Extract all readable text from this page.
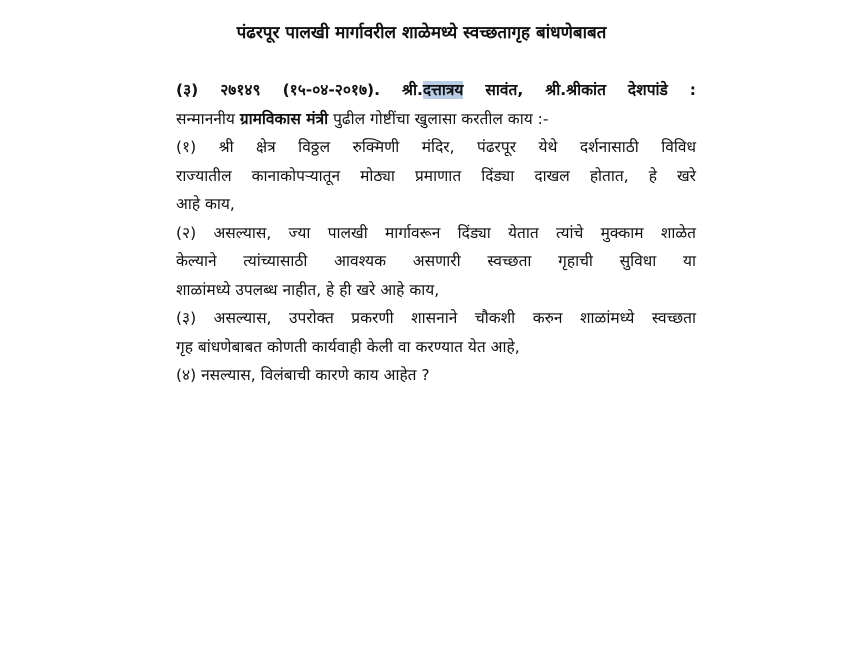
पंढरपूर पालखी मार्गावरील शाळेमध्ये स्वच्छतागृह बांधणेबाबत
(३) २७१४९ (१५-०४-२०१७). श्री.दत्तात्रय सावंत, श्री.श्रीकांत देशपांडे :
सन्माननीय ग्रामविकास मंत्री पुढील गोष्टींचा खुलासा करतील काय :-
(१) श्री क्षेत्र विठ्ठल रुक्मिणी मंदिर, पंढरपूर येथे दर्शनासाठी विविध
राज्यातील कानाकोपऱ्यातून मोठ्या प्रमाणात दिंड्या दाखल होतात, हे खरे
आहे काय,
(२) असल्यास, ज्या पालखी मार्गावरून दिंड्या येतात त्यांचे मुक्काम शाळेत
केल्याने त्यांच्यासाठी आवश्यक असणारी स्वच्छता गृहाची सुविधा या
शाळांमध्ये उपलब्ध नाहीत, हे ही खरे आहे काय,
(३) असल्यास, उपरोक्त प्रकरणी शासनाने चौकशी करुन शाळांमध्ये स्वच्छता
गृह बांधणेबाबत कोणती कार्यवाही केली वा करण्यात येत आहे,
(४) नसल्यास, विलंबाची कारणे काय आहेत ?
